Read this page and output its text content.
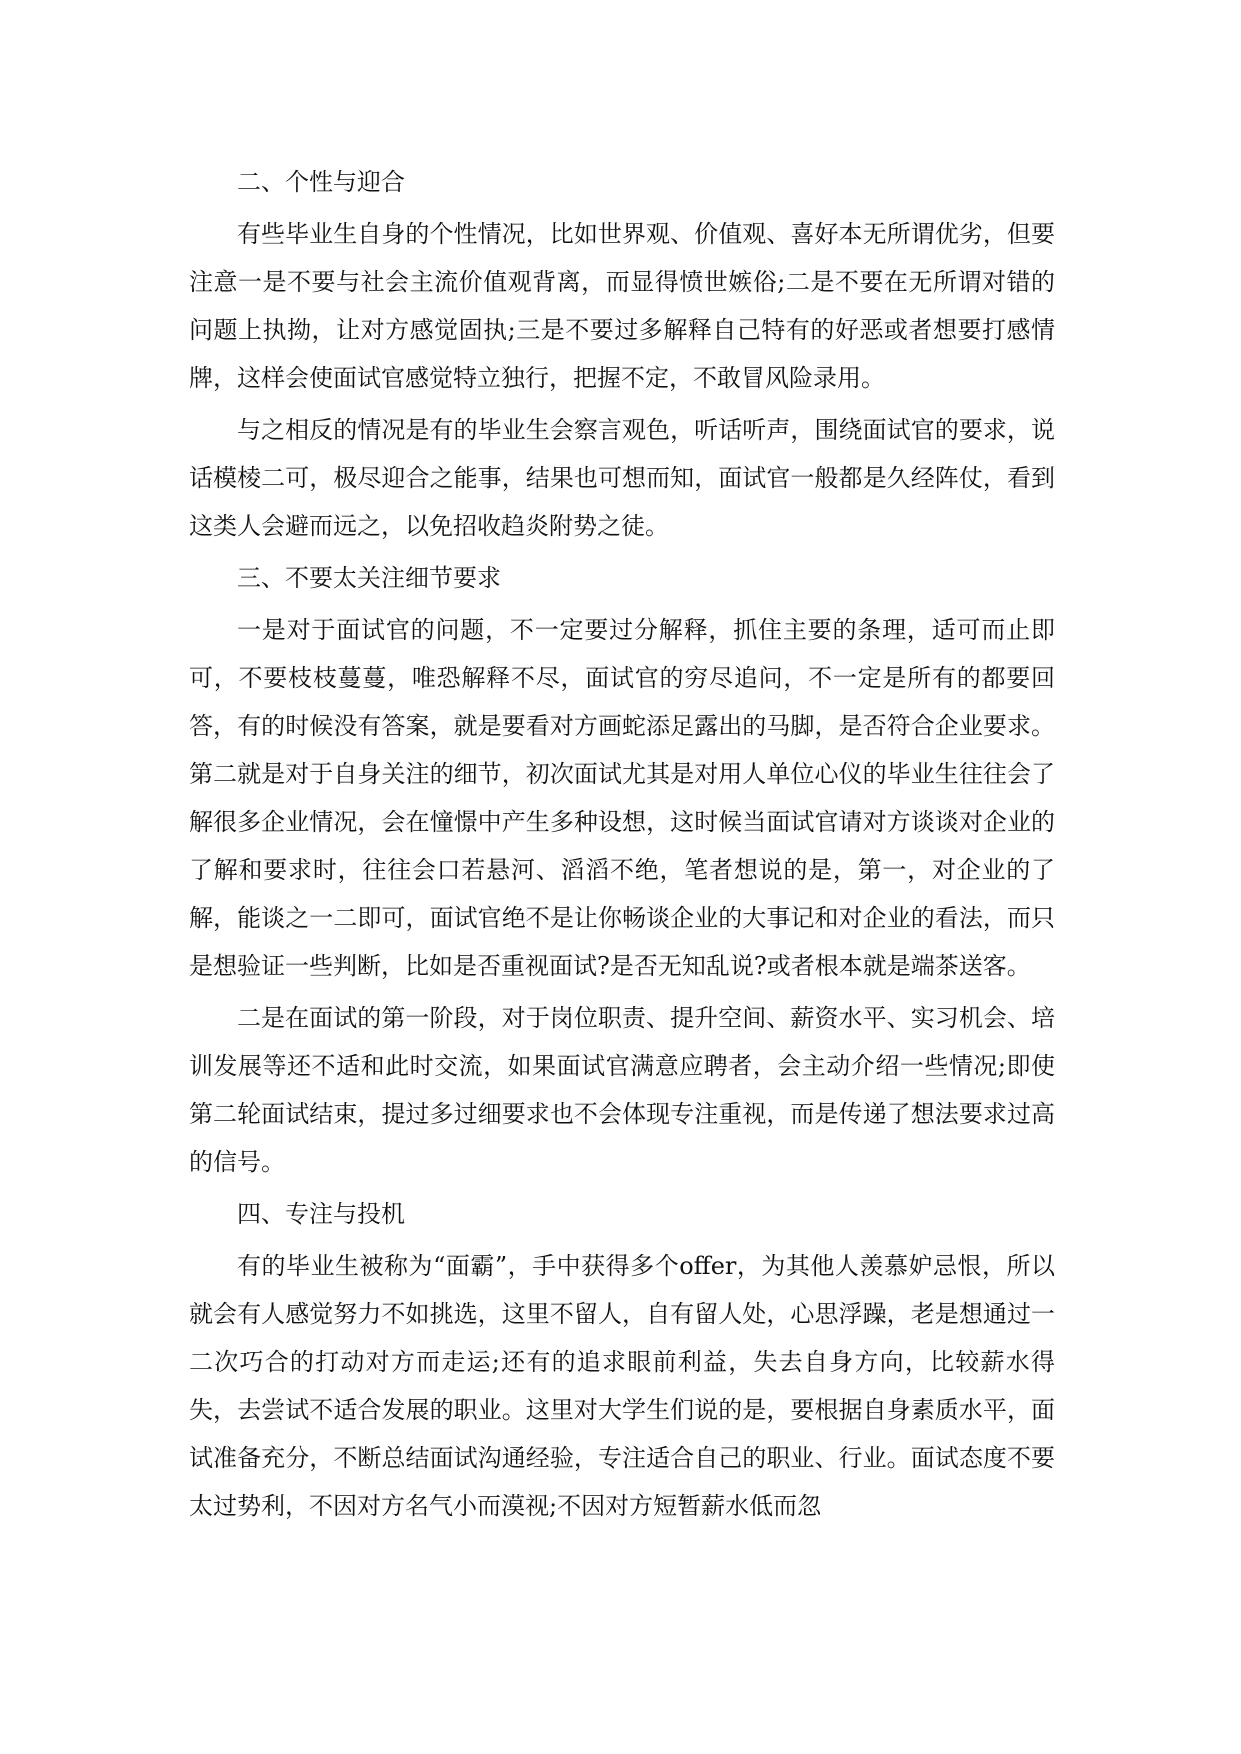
二、个性与迎合

有些毕业生自身的个性情况，比如世界观、价值观、喜好本无所谓优劣，但要注意一是不要与社会主流价值观背离，而显得愤世嫉俗;二是不要在无所谓对错的问题上执拗，让对方感觉固执;三是不要过多解释自己特有的好恶或者想要打感情牌，这样会使面试官感觉特立独行，把握不定，不敢冒风险录用。

与之相反的情况是有的毕业生会察言观色，听话听声，围绕面试官的要求，说话模棱二可，极尽迎合之能事，结果也可想而知，面试官一般都是久经阵仗，看到这类人会避而远之，以免招收趋炎附势之徒。

三、不要太关注细节要求

一是对于面试官的问题，不一定要过分解释，抓住主要的条理，适可而止即可，不要枝枝蔓蔓，唯恐解释不尽，面试官的穷尽追问，不一定是所有的都要回答，有的时候没有答案，就是要看对方画蛇添足露出的马脚，是否符合企业要求。第二就是对于自身关注的细节，初次面试尤其是对用人单位心仪的毕业生往往会了解很多企业情况，会在憧憬中产生多种设想，这时候当面试官请对方谈谈对企业的了解和要求时，往往会口若悬河、滔滔不绝，笔者想说的是，第一，对企业的了解，能谈之一二即可，面试官绝不是让你畅谈企业的大事记和对企业的看法，而只是想验证一些判断，比如是否重视面试?是否无知乱说?或者根本就是端茶送客。

二是在面试的第一阶段，对于岗位职责、提升空间、薪资水平、实习机会、培训发展等还不适和此时交流，如果面试官满意应聘者，会主动介绍一些情况;即使第二轮面试结束，提过多过细要求也不会体现专注重视，而是传递了想法要求过高的信号。

四、专注与投机

有的毕业生被称为“面霸”，手中获得多个offer，为其他人羡慕妒忌恨，所以就会有人感觉努力不如挑选，这里不留人，自有留人处，心思浮躁，老是想通过一二次巧合的打动对方而走运;还有的追求眼前利益，失去自身方向，比较薪水得失，去尝试不适合发展的职业。这里对大学生们说的是，要根据自身素质水平，面试准备充分，不断总结面试沟通经验，专注适合自己的职业、行业。面试态度不要太过势利，不因对方名气小而漠视;不因对方短暂薪水低而忽
